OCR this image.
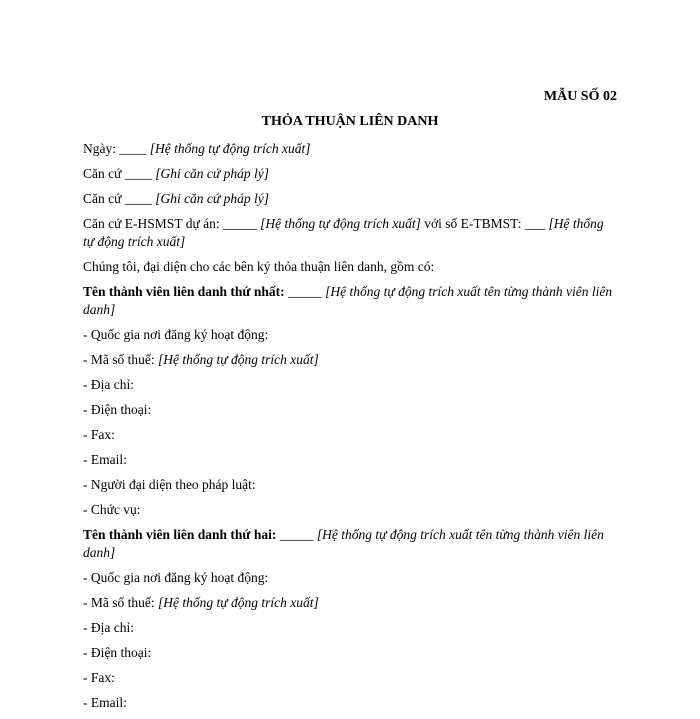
MẪU SỐ 02
THỎA THUẬN LIÊN DANH

Ngày: ____ [Hệ thống tự động trích xuất]

Căn cứ ____ [Ghi căn cứ pháp lý]

Căn cứ ____ [Ghi căn cứ pháp lý]

Căn cứ E-HSMST dự án: _____ [Hệ thống tự động trích xuất] với số E-TBMST: ___ [Hệ thống tự động trích xuất]

Chúng tôi, đại diện cho các bên ký thỏa thuận liên danh, gồm có:

Tên thành viên liên danh thứ nhất: _____ [Hệ thống tự động trích xuất tên từng thành viên liên danh]

- Quốc gia nơi đăng ký hoạt động:

- Mã số thuế: [Hệ thống tự động trích xuất]

- Địa chỉ:

- Điện thoại:

- Fax:

- Email:

- Người đại diện theo pháp luật:

- Chức vụ:

Tên thành viên liên danh thứ hai: _____ [Hệ thống tự động trích xuất tên từng thành viên liên danh]

- Quốc gia nơi đăng ký hoạt động:

- Mã số thuế: [Hệ thống tự động trích xuất]

- Địa chỉ:

- Điện thoại:

- Fax:

- Email:
